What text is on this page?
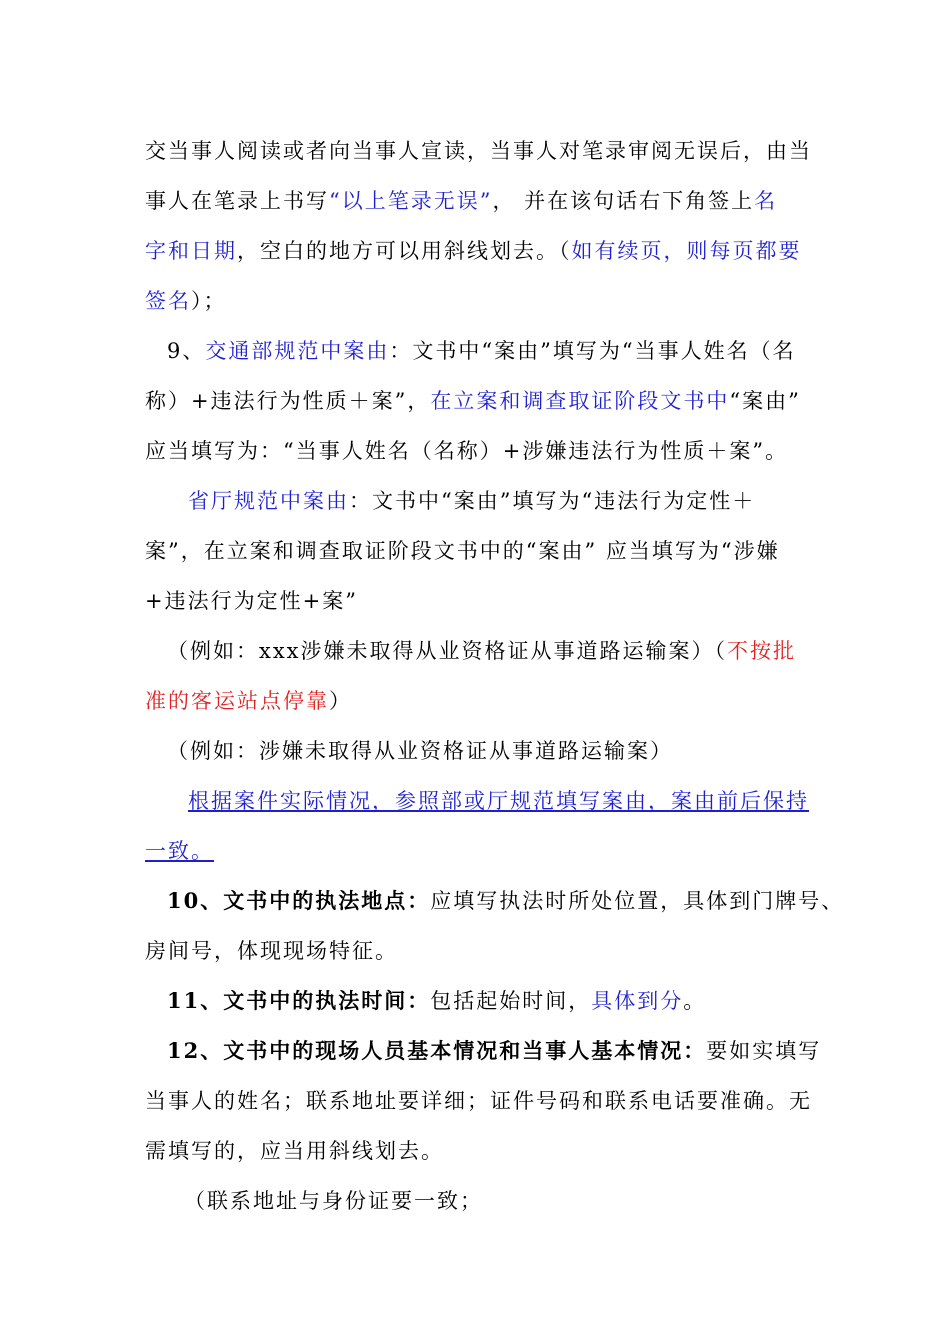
交当事人阅读或者向当事人宣读，当事人对笔录审阅无误后，由当
事人在笔录上书写“以上笔录无误”， 并在该句话右下角签上名
字和日期，空白的地方可以用斜线划去。（如有续页，则每页都要
签名）；
9、交通部规范中案由：文书中“案由”填写为“当事人姓名（名
称）+违法行为性质＋案”，在立案和调查取证阶段文书中“案由”
应当填写为：“当事人姓名（名称）+涉嫌违法行为性质＋案”。
省厅规范中案由：文书中“案由”填写为“违法行为定性＋
案”，在立案和调查取证阶段文书中的“案由” 应当填写为“涉嫌
+违法行为定性+案”
（例如：xxx涉嫌未取得从业资格证从事道路运输案）（不按批
准的客运站点停靠）
（例如：涉嫌未取得从业资格证从事道路运输案）
根据案件实际情况，参照部或厅规范填写案由，案由前后保持
一致。
10、文书中的执法地点：应填写执法时所处位置，具体到门牌号、
房间号，体现现场特征。
11、文书中的执法时间：包括起始时间，具体到分。
12、文书中的现场人员基本情况和当事人基本情况：要如实填写
当事人的姓名；联系地址要详细；证件号码和联系电话要准确。无
需填写的，应当用斜线划去。
（联系地址与身份证要一致；
